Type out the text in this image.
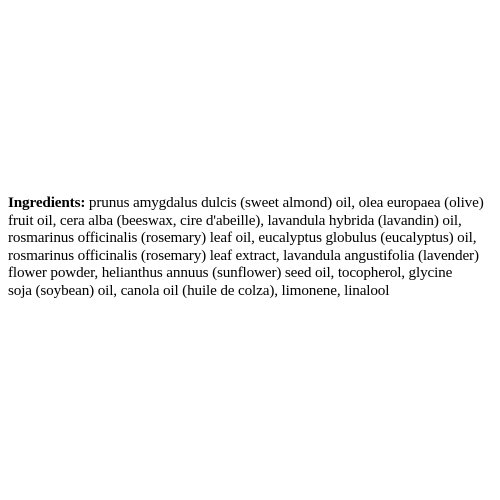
Ingredients: prunus amygdalus dulcis (sweet almond) oil, olea europaea (olive)
fruit oil, cera alba (beeswax, cire d'abeille), lavandula hybrida (lavandin) oil,
rosmarinus officinalis (rosemary) leaf oil, eucalyptus globulus (eucalyptus) oil,
rosmarinus officinalis (rosemary) leaf extract, lavandula angustifolia (lavender)
flower powder, helianthus annuus (sunflower) seed oil, tocopherol, glycine
soja (soybean) oil, canola oil (huile de colza), limonene, linalool
